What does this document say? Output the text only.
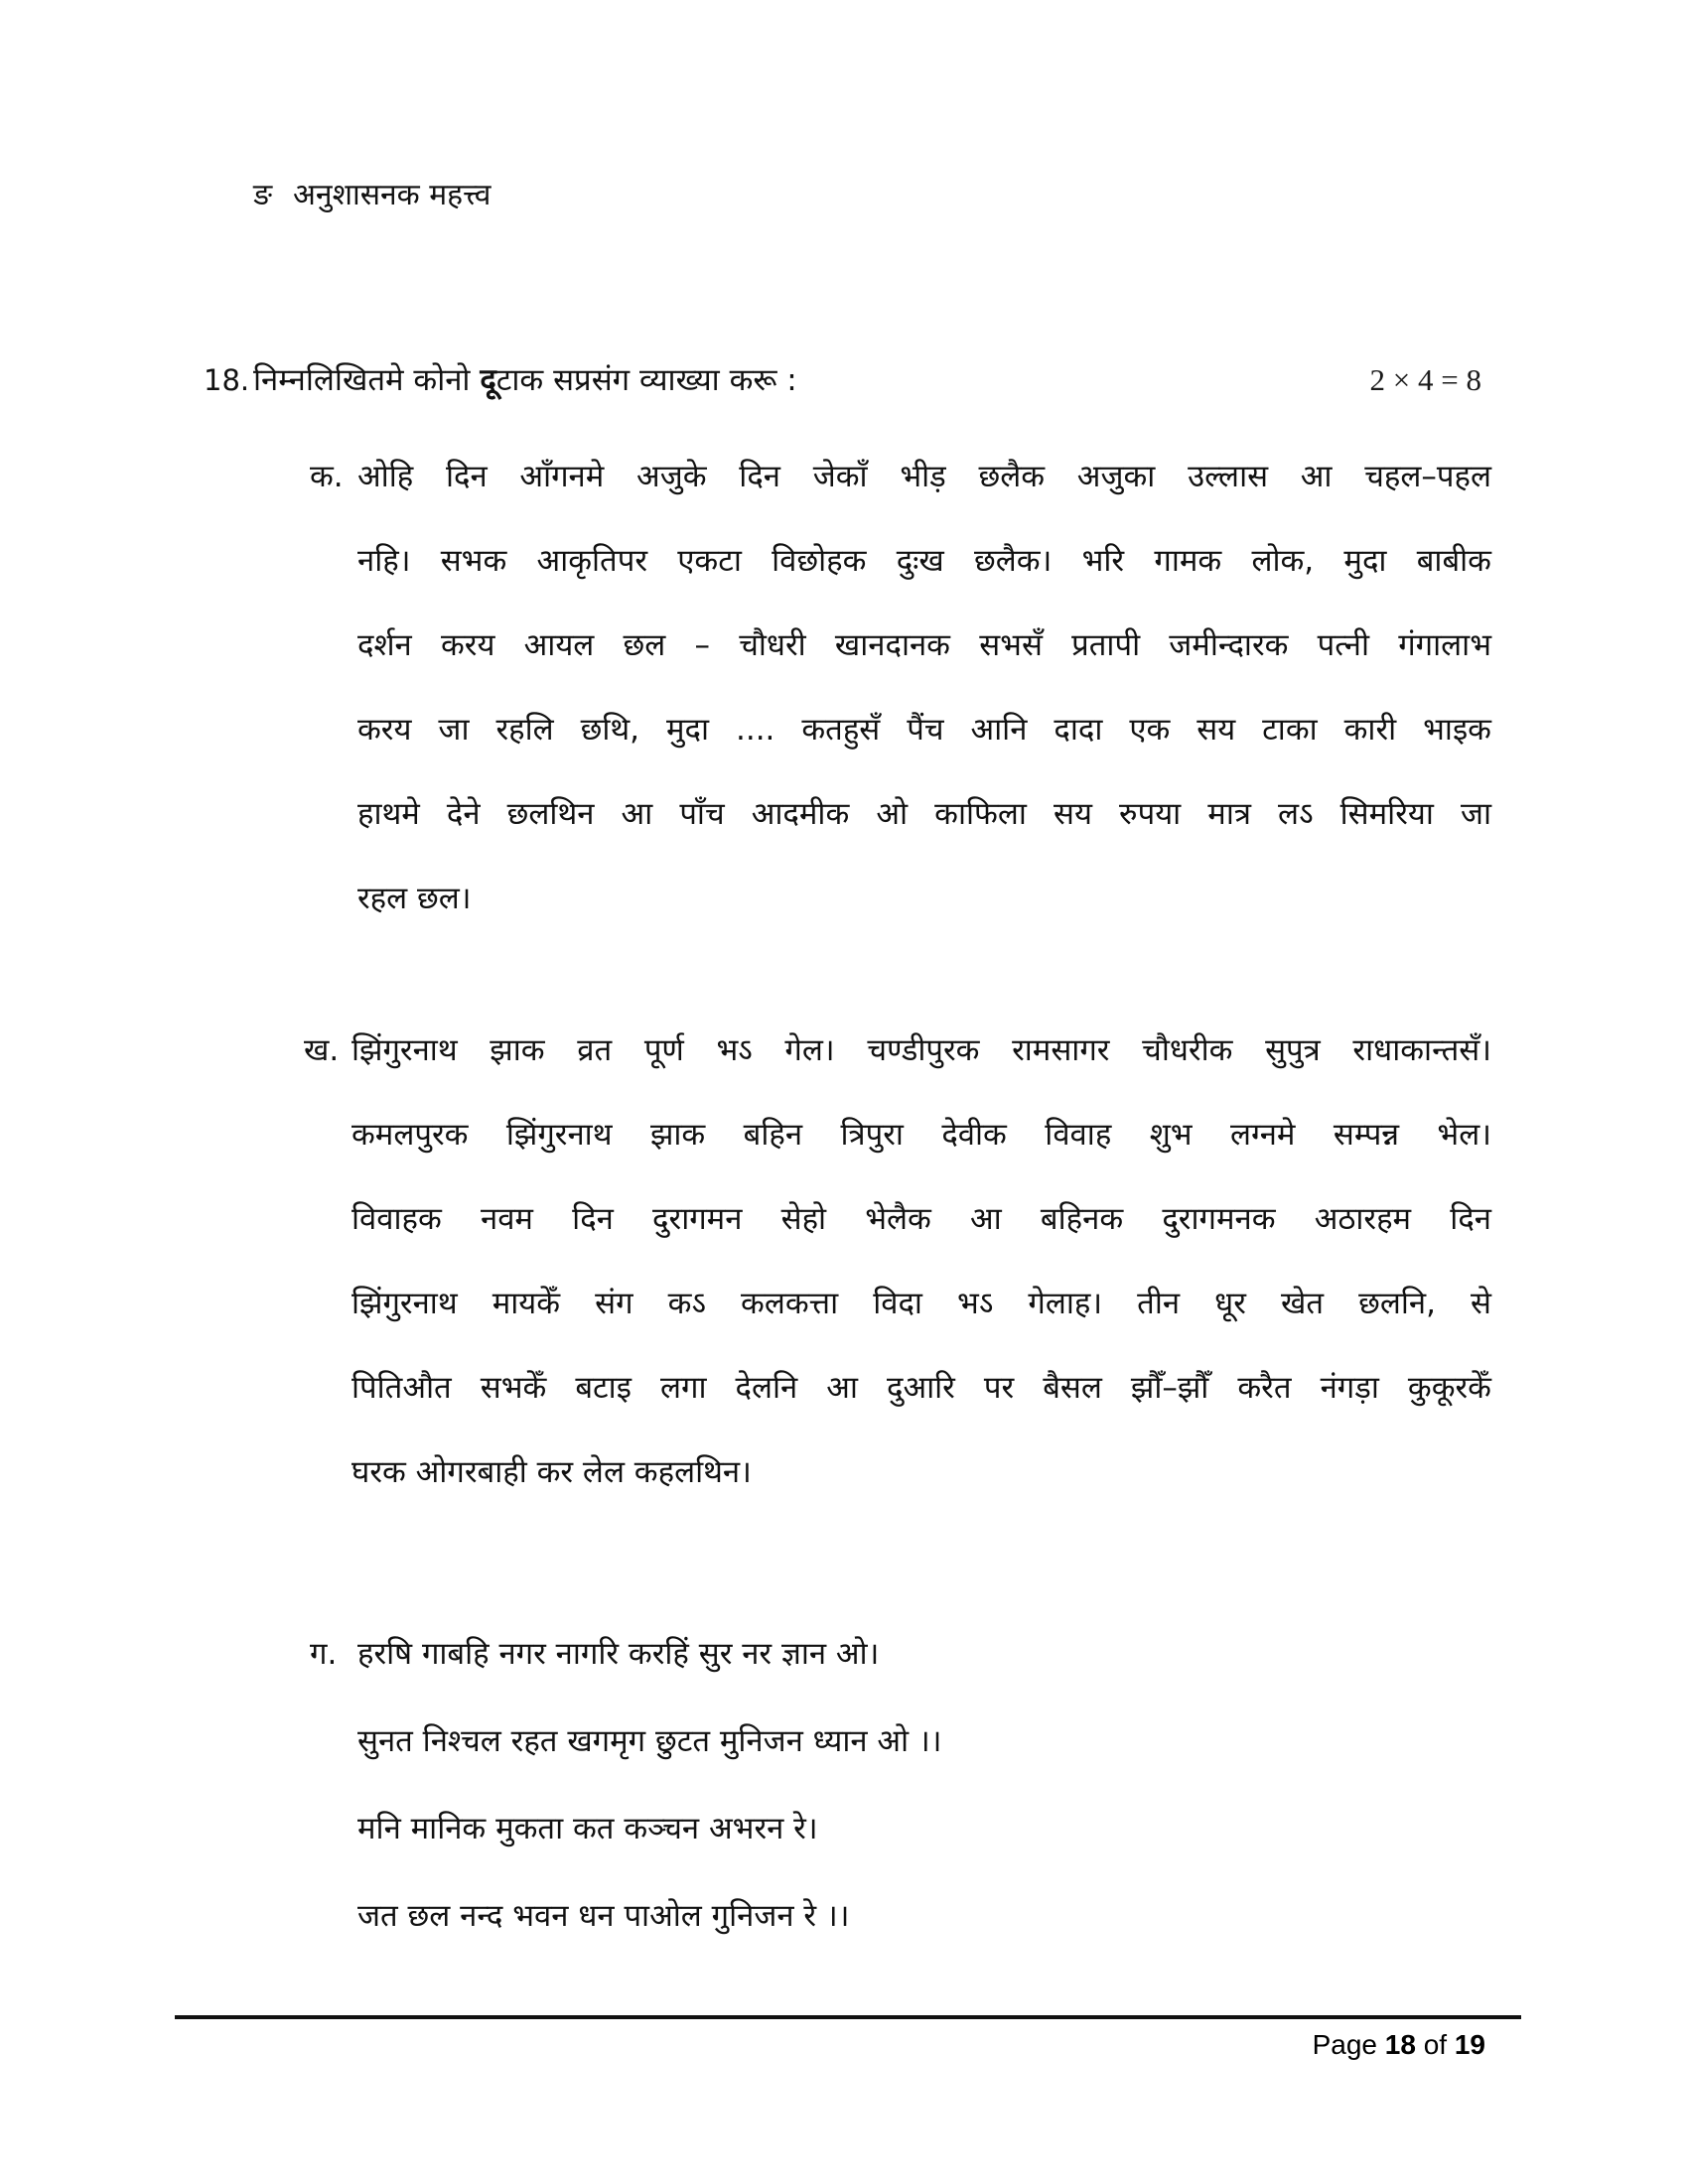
ङ अनुशासनक महत्त्व
18. निम्नलिखितमे कोनो दूटाक सप्रसंग व्याख्या करू :	2 × 4 = 8
क. ओहि दिन आँगनमे अजुके दिन जेकाँ भीड़ छलैक अजुका उल्लास आ चहल–पहल
नहि। सभक आकृतिपर एकटा विछोहक दुःख छलैक। भरि गामक लोक, मुदा बाबीक
दर्शन करय आयल छल – चौधरी खानदानक सभसँ प्रतापी जमीन्दारक पत्नी गंगालाभ
करय जा रहलि छथि, मुदा .... कतहुसँ पैंच आनि दादा एक सय टाका कारी भाइक
हाथमे देने छलथिन आ पाँच आदमीक ओ काफिला सय रुपया मात्र लऽ सिमरिया जा
रहल छल।
ख. झिंगुरनाथ झाक व्रत पूर्ण भऽ गेल। चण्डीपुरक रामसागर चौधरीक सुपुत्र राधाकान्तसँ।
कमलपुरक झिंगुरनाथ झाक बहिन त्रिपुरा देवीक विवाह शुभ लग्नमे सम्पन्न भेल।
विवाहक नवम दिन दुरागमन सेहो भेलैक आ बहिनक दुरागमनक अठारहम दिन
झिंगुरनाथ मायकेँ संग कऽ कलकत्ता विदा भऽ गेलाह। तीन धूर खेत छलनि, से
पितिऔत सभकेँ बटाइ लगा देलनि आ दुआरि पर बैसल झौँ–झौँ करैत नंगड़ा कुकूरकेँ
घरक ओगरबाही कर लेल कहलथिन।
ग. हरषि गाबहि नगर नागरि करहिं सुर नर ज्ञान ओ।
सुनत निश्चल रहत खगमृग छुटत मुनिजन ध्यान ओ ।।
मनि मानिक मुकता कत कञ्चन अभरन रे।
जत छल नन्द भवन धन पाओल गुनिजन रे ।।
Page 18 of 19
